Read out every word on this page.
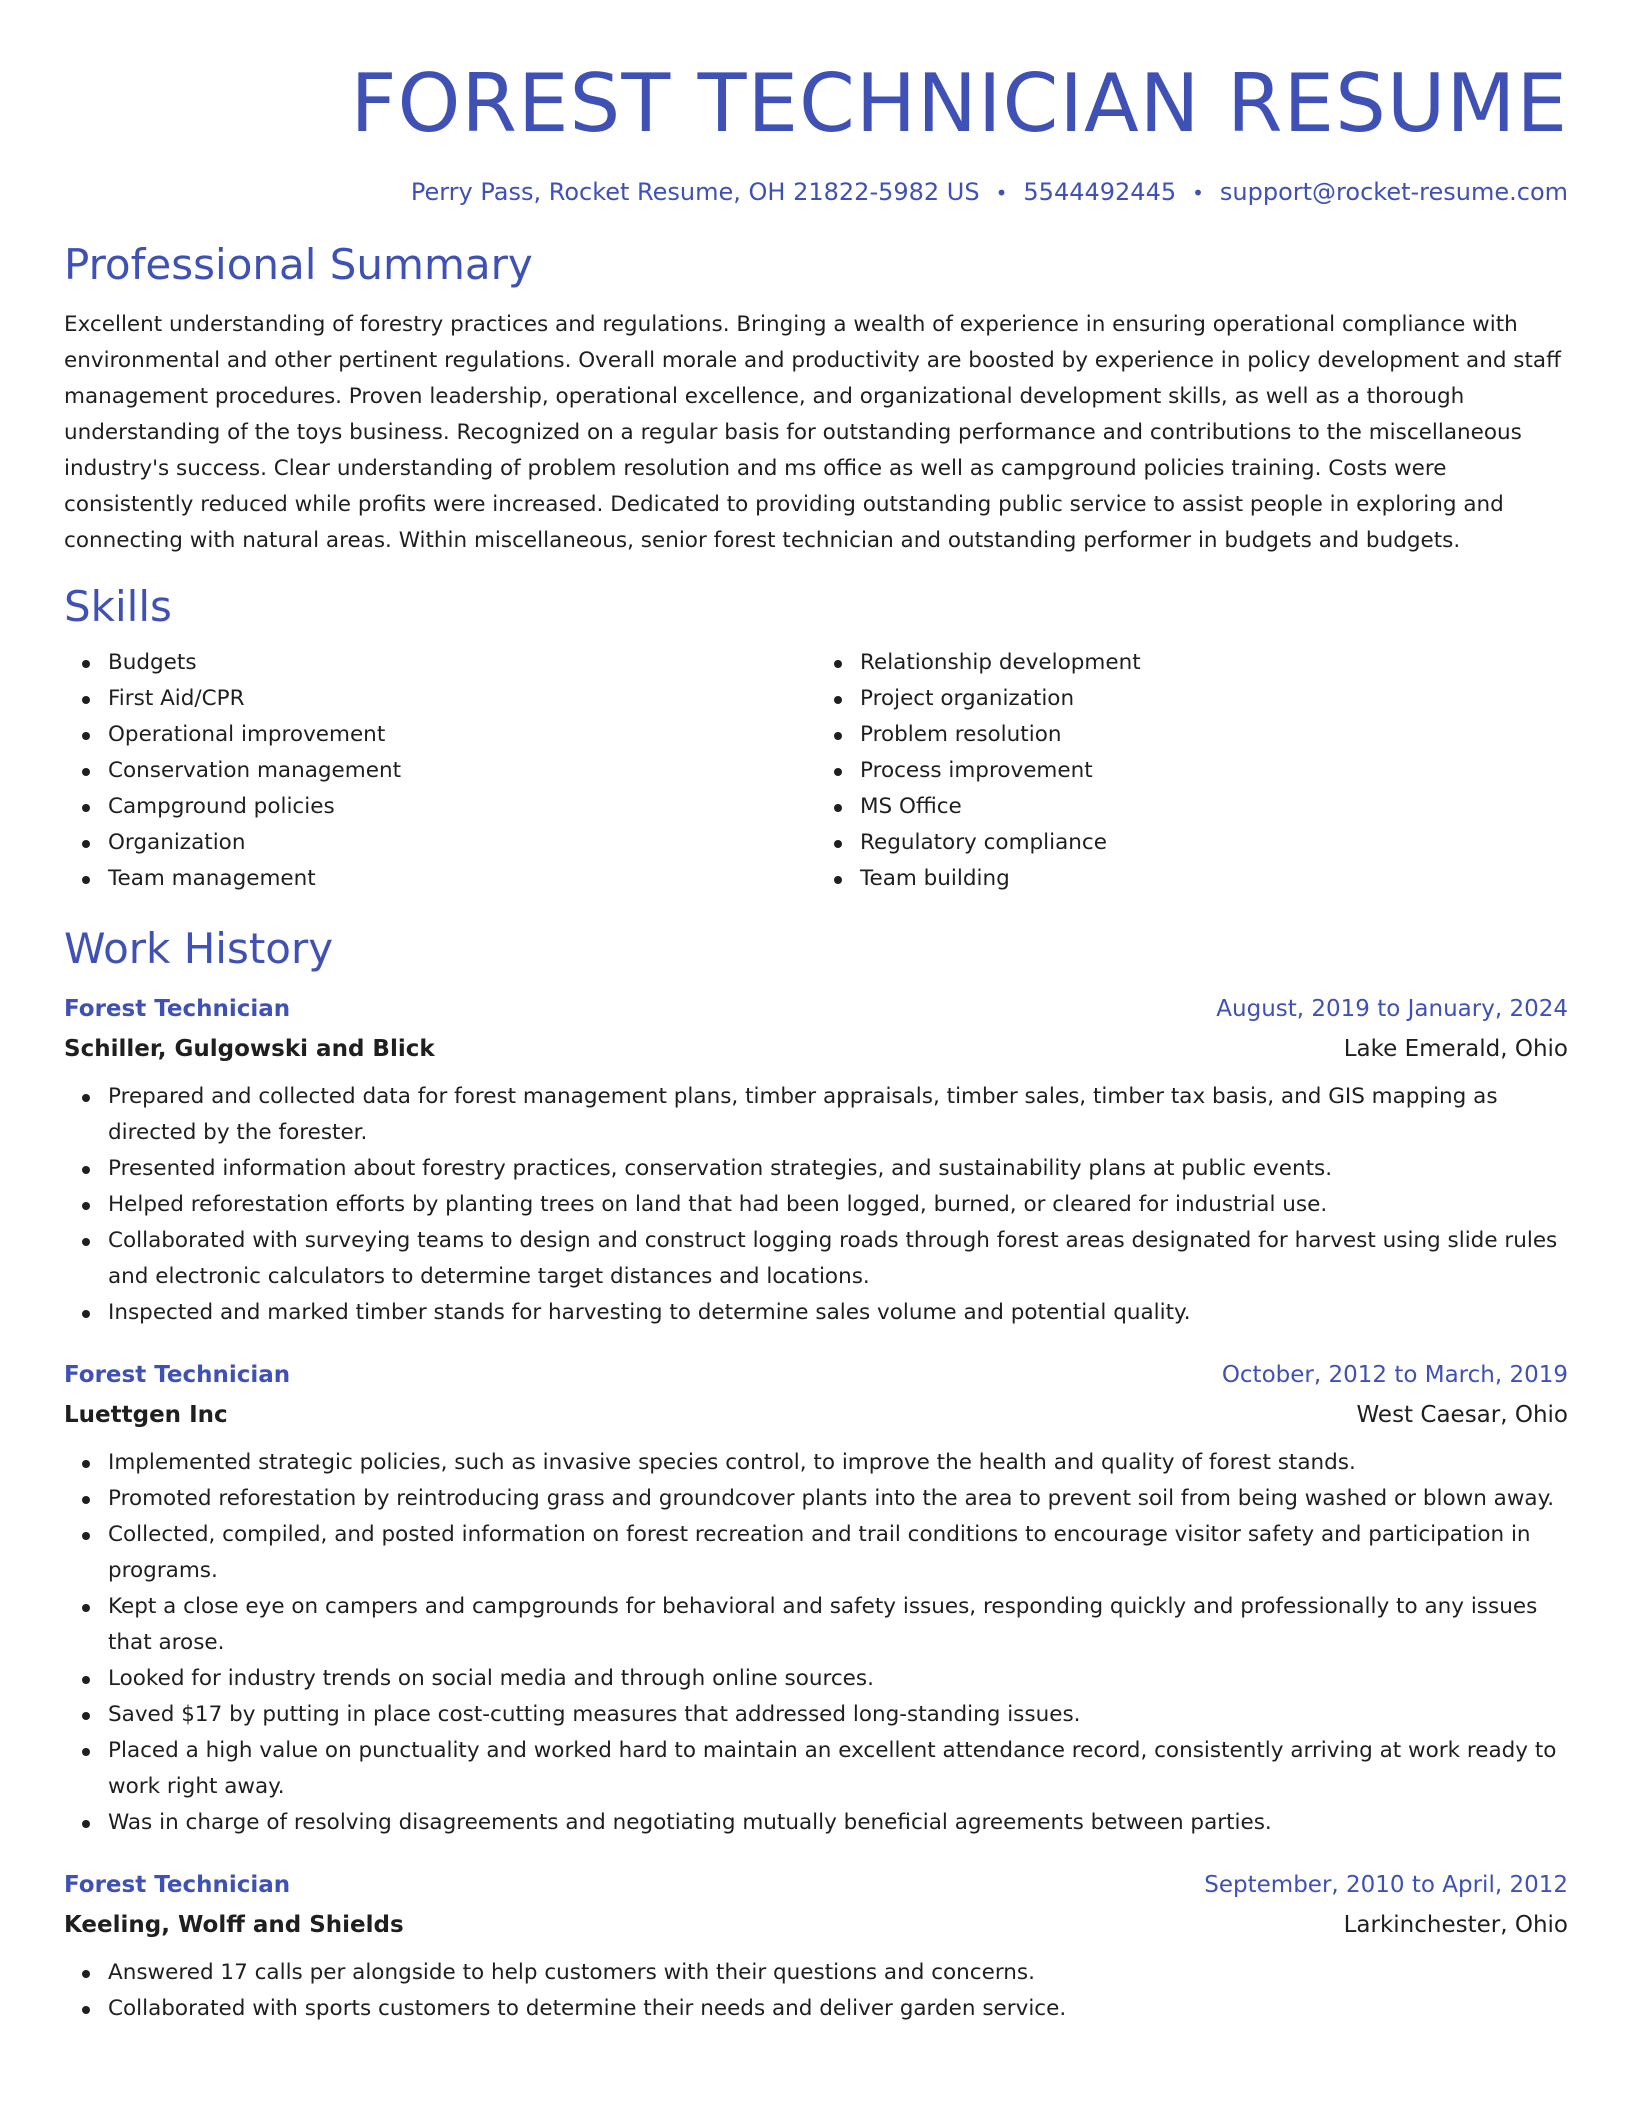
FOREST TECHNICIAN RESUME
Perry Pass, Rocket Resume, OH 21822-5982 US • 5544492445 • support@rocket-resume.com
Professional Summary

Excellent understanding of forestry practices and regulations. Bringing a wealth of experience in ensuring operational compliance with environmental and other pertinent regulations. Overall morale and productivity are boosted by experience in policy development and staff management procedures. Proven leadership, operational excellence, and organizational development skills, as well as a thorough understanding of the toys business. Recognized on a regular basis for outstanding performance and contributions to the miscellaneous industry's success. Clear understanding of problem resolution and ms office as well as campground policies training. Costs were consistently reduced while profits were increased. Dedicated to providing outstanding public service to assist people in exploring and connecting with natural areas. Within miscellaneous, senior forest technician and outstanding performer in budgets and budgets.

Skills
Budgets
First Aid/CPR
Operational improvement
Conservation management
Campground policies
Organization
Team management
Relationship development
Project organization
Problem resolution
Process improvement
MS Office
Regulatory compliance
Team building
Work History
Forest Technician	August, 2019 to January, 2024
Schiller, Gulgowski and Blick	Lake Emerald, Ohio
Prepared and collected data for forest management plans, timber appraisals, timber sales, timber tax basis, and GIS mapping as directed by the forester.
Presented information about forestry practices, conservation strategies, and sustainability plans at public events.
Helped reforestation efforts by planting trees on land that had been logged, burned, or cleared for industrial use.
Collaborated with surveying teams to design and construct logging roads through forest areas designated for harvest using slide rules and electronic calculators to determine target distances and locations.
Inspected and marked timber stands for harvesting to determine sales volume and potential quality.
Forest Technician	October, 2012 to March, 2019
Luettgen Inc	West Caesar, Ohio
Implemented strategic policies, such as invasive species control, to improve the health and quality of forest stands.
Promoted reforestation by reintroducing grass and groundcover plants into the area to prevent soil from being washed or blown away.
Collected, compiled, and posted information on forest recreation and trail conditions to encourage visitor safety and participation in programs.
Kept a close eye on campers and campgrounds for behavioral and safety issues, responding quickly and professionally to any issues that arose.
Looked for industry trends on social media and through online sources.
Saved $17 by putting in place cost-cutting measures that addressed long-standing issues.
Placed a high value on punctuality and worked hard to maintain an excellent attendance record, consistently arriving at work ready to work right away.
Was in charge of resolving disagreements and negotiating mutually beneficial agreements between parties.
Forest Technician	September, 2010 to April, 2012
Keeling, Wolff and Shields	Larkinchester, Ohio
Answered 17 calls per alongside to help customers with their questions and concerns.
Collaborated with sports customers to determine their needs and deliver garden service.
